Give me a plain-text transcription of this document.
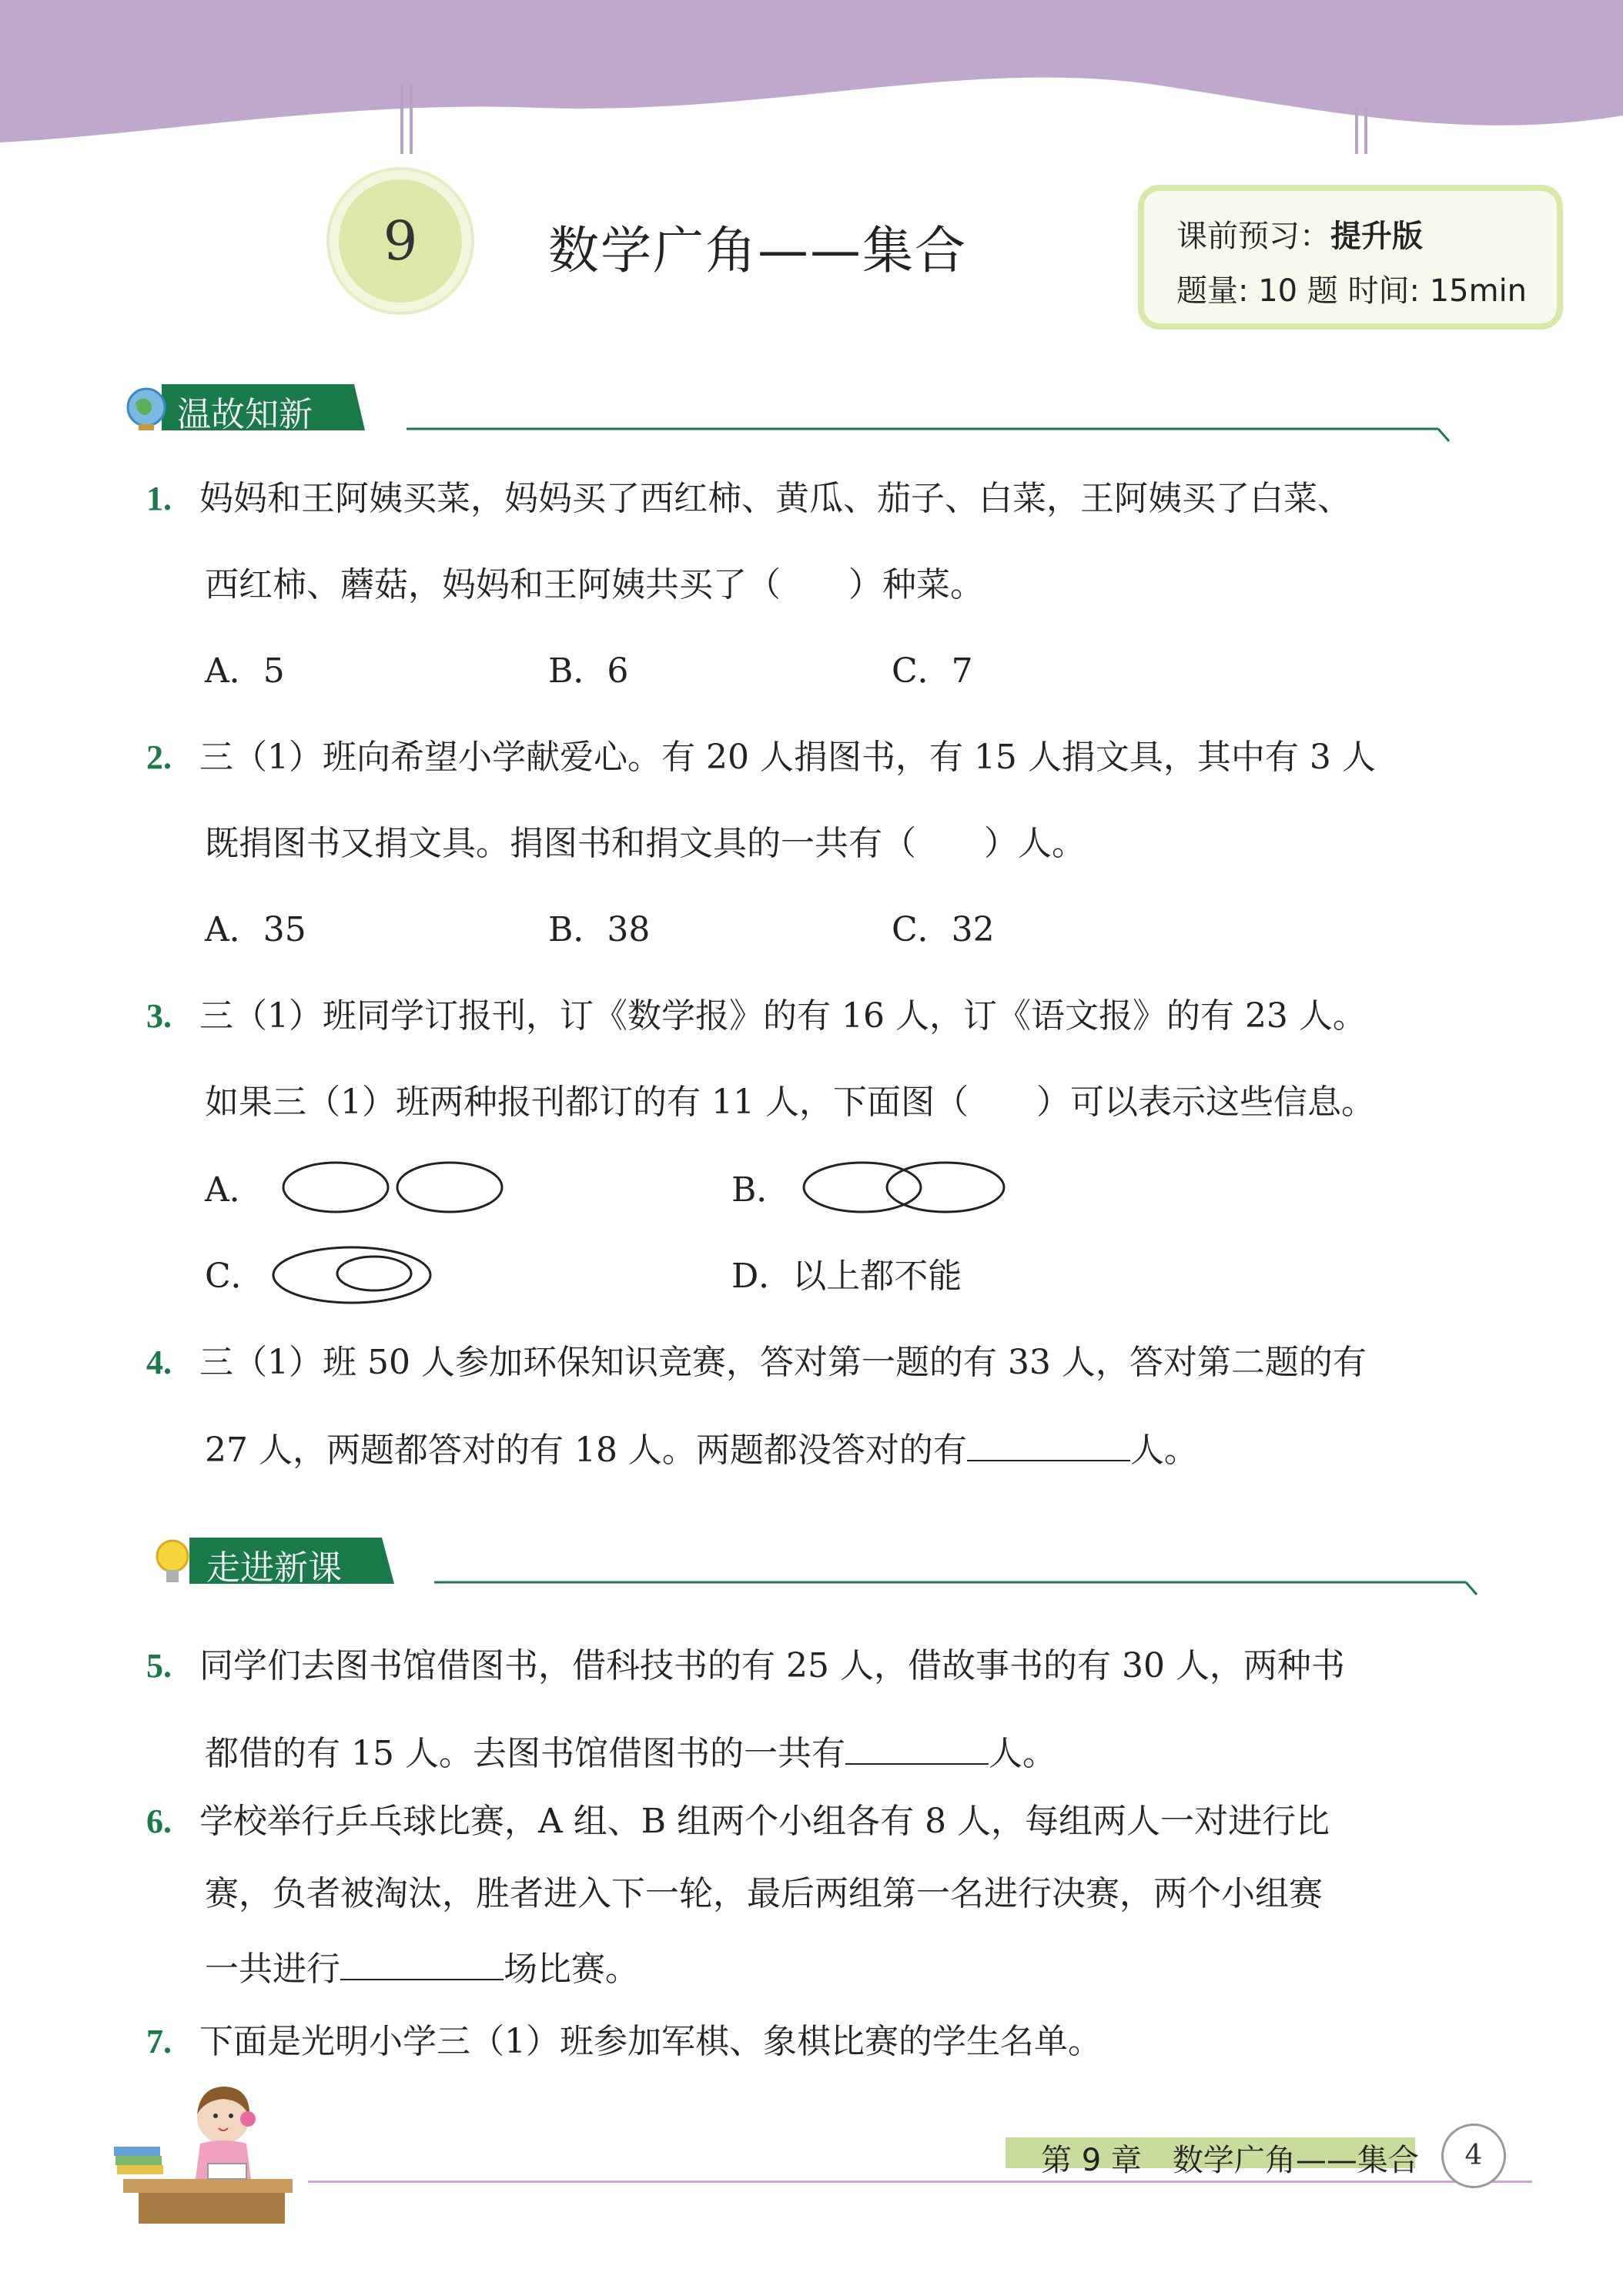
9	数学广角——集合	课前预习：提升版
题量: 10 题 时间: 15min
温故知新
1. 妈妈和王阿姨买菜，妈妈买了西红柿、黄瓜、茄子、白菜，王阿姨买了白菜、
西红柿、蘑菇，妈妈和王阿姨共买了（　　）种菜。
A．5	B．6	C．7
2. 三（1）班向希望小学献爱心。有 20 人捐图书，有 15 人捐文具，其中有 3 人
既捐图书又捐文具。捐图书和捐文具的一共有（　　）人。
A．35	B．38	C．32
3. 三（1）班同学订报刊，订《数学报》的有 16 人，订《语文报》的有 23 人。
如果三（1）班两种报刊都订的有 11 人，下面图（　　）可以表示这些信息。
A．	B．
C．	D．以上都不能
4. 三（1）班 50 人参加环保知识竞赛，答对第一题的有 33 人，答对第二题的有
27 人，两题都答对的有 18 人。两题都没答对的有	人。
走进新课
5. 同学们去图书馆借图书，借科技书的有 25 人，借故事书的有 30 人，两种书
都借的有 15 人。去图书馆借图书的一共有	人。
6. 学校举行乒乓球比赛，A 组、B 组两个小组各有 8 人，每组两人一对进行比
赛，负者被淘汰，胜者进入下一轮，最后两组第一名进行决赛，两个小组赛
一共进行	场比赛。
7. 下面是光明小学三（1）班参加军棋、象棋比赛的学生名单。
第 9 章　数学广角——集合	4
